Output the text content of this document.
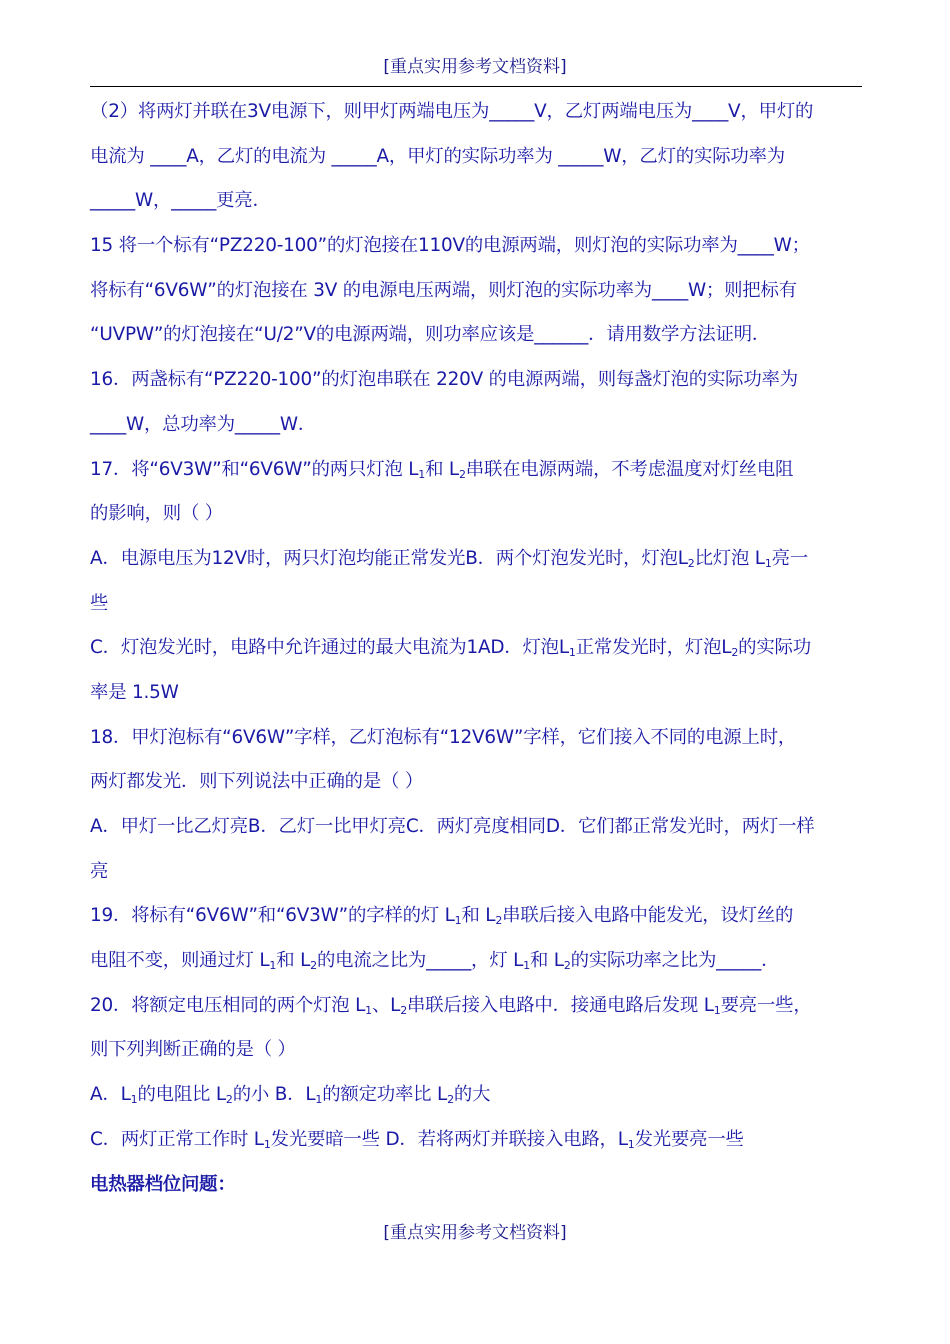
[重点实用参考文档资料]
（2）将两灯并联在3V电源下，则甲灯两端电压为_____V，乙灯两端电压为____V，甲灯的
电流为 ____A，乙灯的电流为 _____A，甲灯的实际功率为 _____W，乙灯的实际功率为
_____W，_____更亮．
15 将一个标有“PZ220-100”的灯泡接在110V的电源两端，则灯泡的实际功率为____W；
将标有“6V6W”的灯泡接在 3V 的电源电压两端，则灯泡的实际功率为____W；则把标有
“UVPW”的灯泡接在“U/2”V的电源两端，则功率应该是______．请用数学方法证明．
16．两盏标有“PZ220-100”的灯泡串联在 220V 的电源两端，则每盏灯泡的实际功率为
____W，总功率为_____W．
17．将“6V3W”和“6V6W”的两只灯泡 $L_1$和 $L_2$串联在电源两端，不考虑温度对灯丝电阻
的影响，则（ ）
A．电源电压为12V时，两只灯泡均能正常发光B．两个灯泡发光时，灯泡$L_2$比灯泡 $L_1$亮一
些
C．灯泡发光时，电路中允许通过的最大电流为1AD．灯泡$L_1$正常发光时，灯泡$L_2$的实际功
率是 1.5W
18．甲灯泡标有“6V6W”字样，乙灯泡标有“12V6W”字样，它们接入不同的电源上时，
两灯都发光．则下列说法中正确的是（ ）
A．甲灯一比乙灯亮B．乙灯一比甲灯亮C．两灯亮度相同D．它们都正常发光时，两灯一样
亮
19．将标有“6V6W”和“6V3W”的字样的灯 $L_1$和 $L_2$串联后接入电路中能发光，设灯丝的
电阻不变，则通过灯 $L_1$和 $L_2$的电流之比为_____，灯 $L_1$和 $L_2$的实际功率之比为_____．
20．将额定电压相同的两个灯泡 $L_1$、$L_2$串联后接入电路中．接通电路后发现 $L_1$要亮一些，
则下列判断正确的是（ ）
A．$L_1$的电阻比 $L_2$的小 B．$L_1$的额定功率比 $L_2$的大
C．两灯正常工作时 $L_1$发光要暗一些 D．若将两灯并联接入电路，$L_1$发光要亮一些
电热器档位问题：
[重点实用参考文档资料]
